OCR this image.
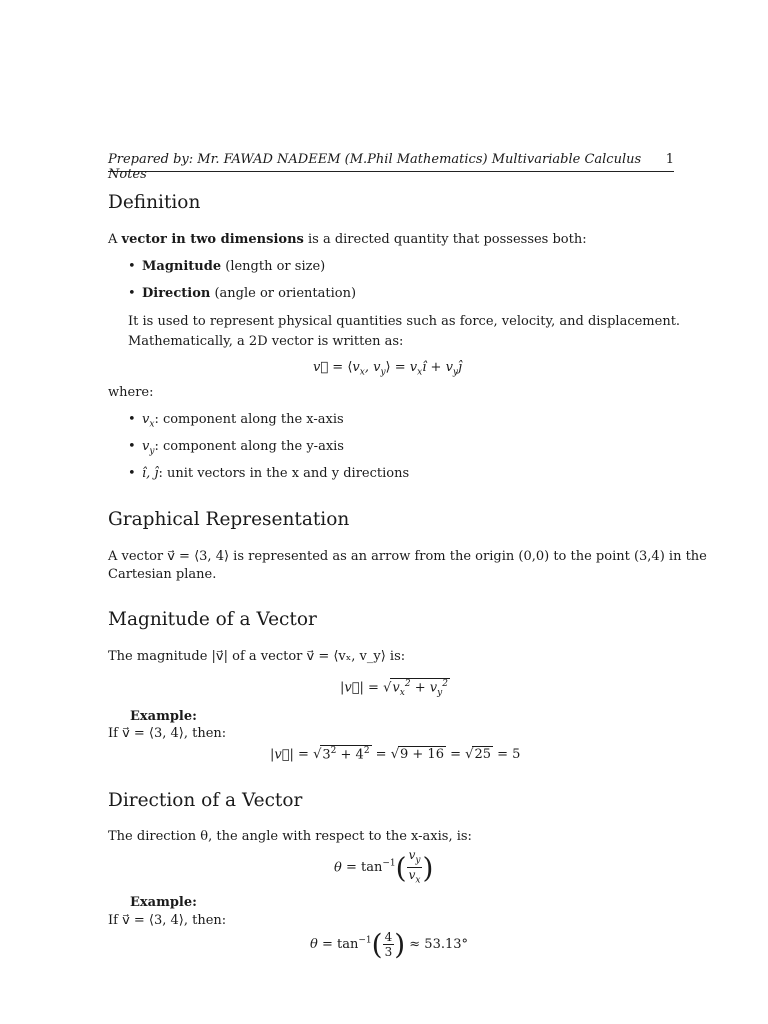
Prepared by: Mr. FAWAD NADEEM (M.Phil Mathematics) Multivariable Calculus Notes
1
Definition

A vector in two dimensions is a directed quantity that possesses both:

• Magnitude (length or size)
• Direction (angle or orientation)

It is used to represent physical quantities such as force, velocity, and displacement.

Mathematically, a 2D vector is written as:

v⃗ = $⟨v_x$, $v_y⟩$ = $v_xî$ + $v_yĵ$

where:

• $v_x$: component along the x-axis
• $v_y$: component along the y-axis
• î, ĵ: unit vectors in the x and y directions
Graphical Representation

A vector v⃗ = ⟨3, 4⟩ is represented as an arrow from the origin (0,0) to the point (3,4) in the

Cartesian plane.

Magnitude of a Vector

The magnitude |v⃗| of a vector v⃗ = ⟨vₓ, v_y⟩ is:

|v⃗| = $√v_x^2 + v_y^2$

Example:

If v⃗ = ⟨3, 4⟩, then:

|v⃗| = $√3^2 + 4^2 = √9 + 16 = √25 = 5$
Direction of a Vector

The direction θ, the angle with respect to the x-axis, is:

$\theta = \tan^{-1}( \frac{v_y}{v_x}$ )

Example:

If v⃗ = ⟨3, 4⟩, then:

$\theta = \tan^{-1}( \frac{4}{3}$ ) ≈ 53.13°
